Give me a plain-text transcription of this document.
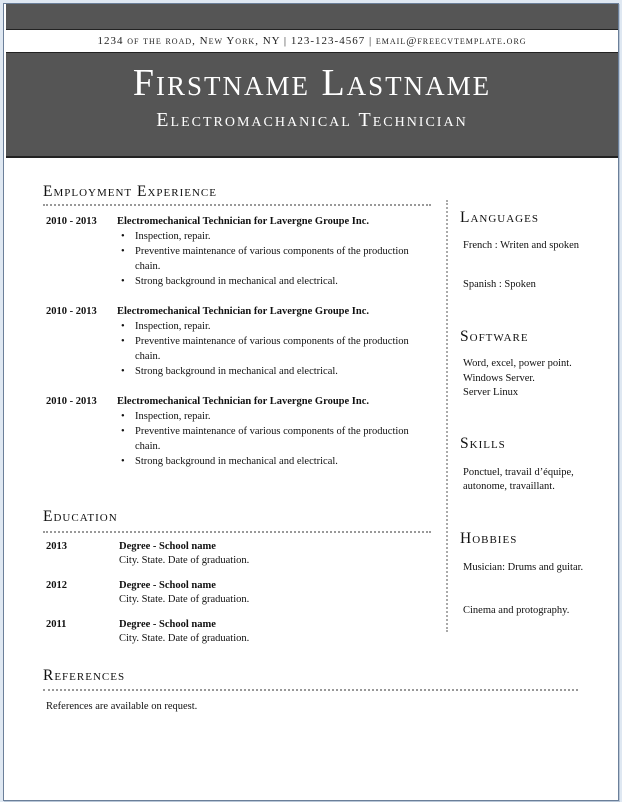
1234 of the road, New York, NY | 123-123-4567 | email@freecvtemplate.org
Firstname Lastname
Electromachanical Technician
Employment Experience
2010 - 2013 Electromechanical Technician for Lavergne Groupe Inc.
• Inspection, repair.
• Preventive maintenance of various components of the production chain.
• Strong background in mechanical and electrical.
2010 - 2013 Electromechanical Technician for Lavergne Groupe Inc.
• Inspection, repair.
• Preventive maintenance of various components of the production chain.
• Strong background in mechanical and electrical.
2010 - 2013 Electromechanical Technician for Lavergne Groupe Inc.
• Inspection, repair.
• Preventive maintenance of various components of the production chain.
• Strong background in mechanical and electrical.
Education
2013	Degree - School name
City. State. Date of graduation.
2012	Degree - School name
City. State. Date of graduation.
2011	Degree - School name
City. State. Date of graduation.
References
References are available on request.
Languages
French : Writen and spoken
Spanish : Spoken
Software
Word, excel, power point.
Windows Server.
Server Linux
Skills
Ponctuel, travail d’équipe, autonome, travaillant.
Hobbies
Musician: Drums and guitar.
Cinema and protography.
